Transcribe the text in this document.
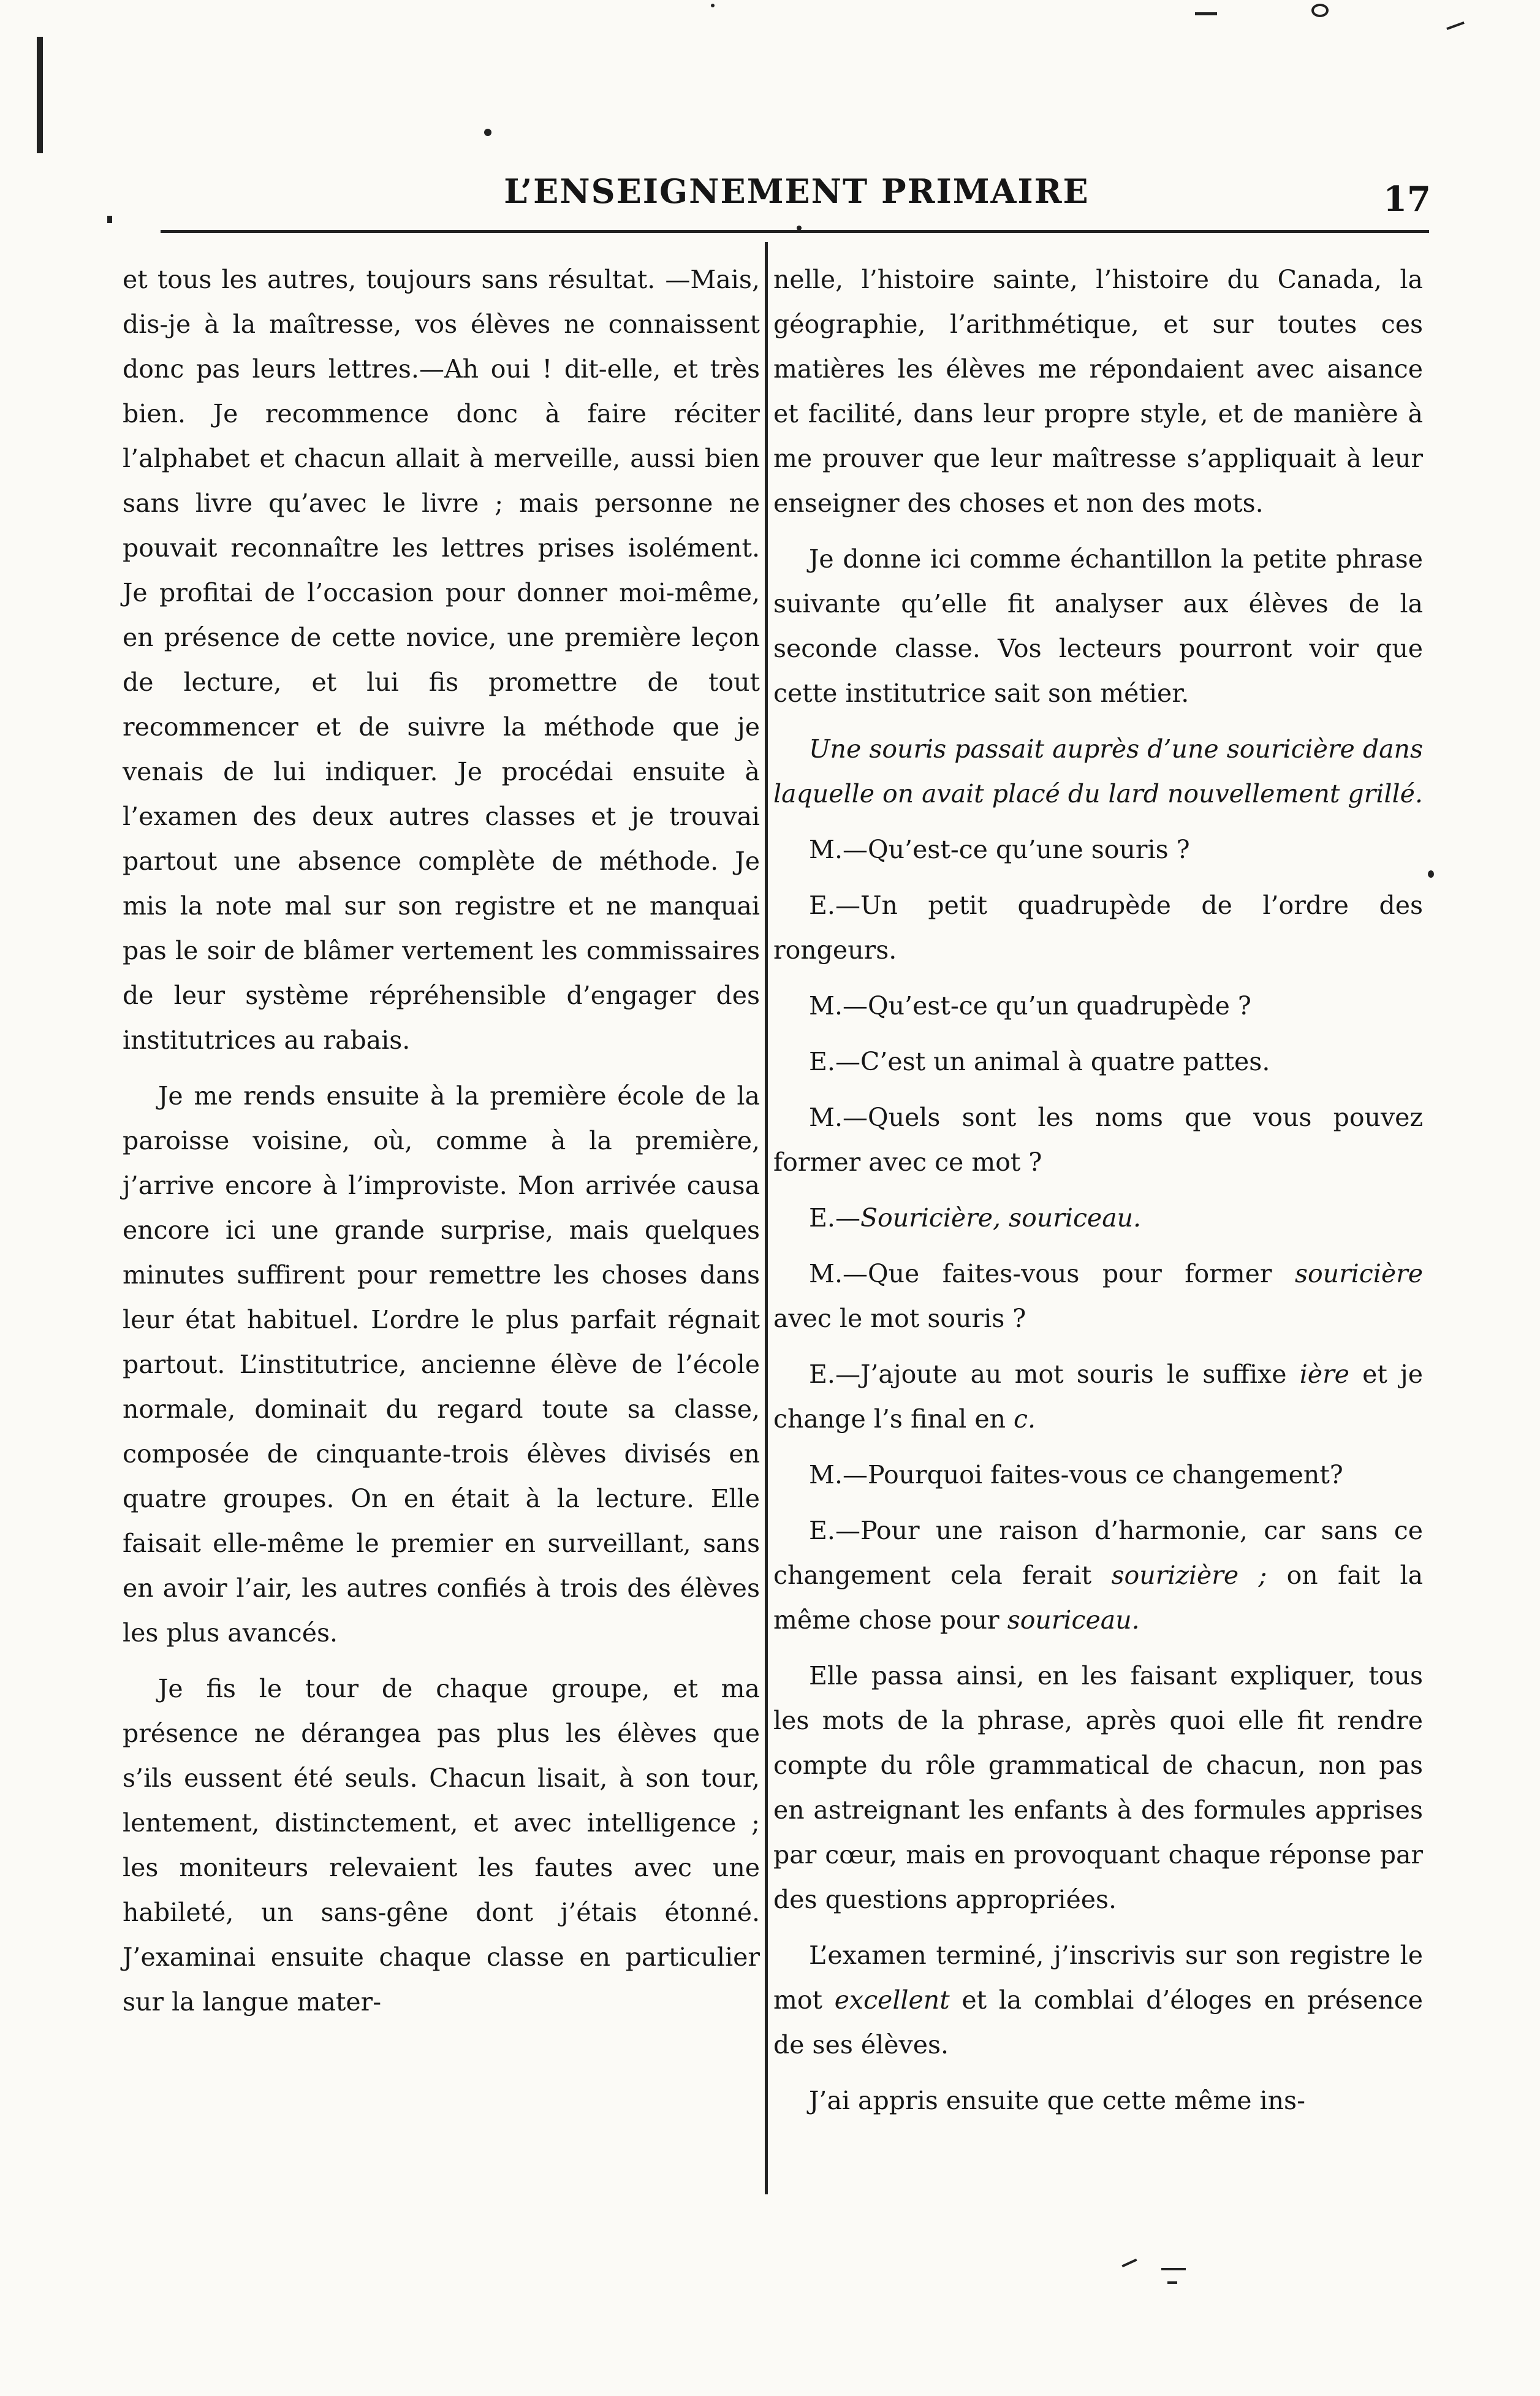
L’ENSEIGNEMENT PRIMAIRE	17

et tous les autres, toujours sans résultat. —Mais, dis-je à la maîtresse, vos élèves ne connaissent donc pas leurs lettres.—Ah oui ! dit-elle, et très bien. Je recommence donc à faire réciter l’alphabet et chacun allait à merveille, aussi bien sans livre qu’avec le livre ; mais personne ne pouvait reconnaître les lettres prises isolément. Je profitai de l’occasion pour donner moi-même, en présence de cette novice, une première leçon de lecture, et lui fis promettre de tout recommencer et de suivre la méthode que je venais de lui indiquer. Je procédai ensuite à l’examen des deux autres classes et je trouvai partout une absence complète de méthode. Je mis la note mal sur son registre et ne manquai pas le soir de blâmer vertement les commissaires de leur système répréhensible d’engager des institutrices au rabais.

Je me rends ensuite à la première école de la paroisse voisine, où, comme à la première, j’arrive encore à l’improviste. Mon arrivée causa encore ici une grande surprise, mais quelques minutes suffirent pour remettre les choses dans leur état habituel. L’ordre le plus parfait régnait partout. L’institutrice, ancienne élève de l’école normale, dominait du regard toute sa classe, composée de cinquante-trois élèves divisés en quatre groupes. On en était à la lecture. Elle faisait elle-même le premier en surveillant, sans en avoir l’air, les autres confiés à trois des élèves les plus avancés.

Je fis le tour de chaque groupe, et ma présence ne dérangea pas plus les élèves que s’ils eussent été seuls. Chacun lisait, à son tour, lentement, distinctement, et avec intelligence ; les moniteurs relevaient les fautes avec une habileté, un sans-gêne dont j’étais étonné. J’examinai ensuite chaque classe en particulier sur la langue mater-

nelle, l’histoire sainte, l’histoire du Canada, la géographie, l’arithmétique, et sur toutes ces matières les élèves me répondaient avec aisance et facilité, dans leur propre style, et de manière à me prouver que leur maîtresse s’appliquait à leur enseigner des choses et non des mots.

Je donne ici comme échantillon la petite phrase suivante qu’elle fit analyser aux élèves de la seconde classe. Vos lecteurs pourront voir que cette institutrice sait son métier.

Une souris passait auprès d’une souricière dans laquelle on avait placé du lard nouvellement grillé.

M.—Qu’est-ce qu’une souris ?

E.—Un petit quadrupède de l’ordre des rongeurs.

M.—Qu’est-ce qu’un quadrupède ?

E.—C’est un animal à quatre pattes.

M.—Quels sont les noms que vous pouvez former avec ce mot ?

E.—Souricière, souriceau.

M.—Que faites-vous pour former souricière avec le mot souris ?

E.—J’ajoute au mot souris le suffixe ière et je change l’s final en c.

M.—Pourquoi faites-vous ce changement?

E.—Pour une raison d’harmonie, car sans ce changement cela ferait sourizière ; on fait la même chose pour souriceau.

Elle passa ainsi, en les faisant expliquer, tous les mots de la phrase, après quoi elle fit rendre compte du rôle grammatical de chacun, non pas en astreignant les enfants à des formules apprises par cœur, mais en provoquant chaque réponse par des questions appropriées.

L’examen terminé, j’inscrivis sur son registre le mot excellent et la comblai d’éloges en présence de ses élèves.

J’ai appris ensuite que cette même ins-
